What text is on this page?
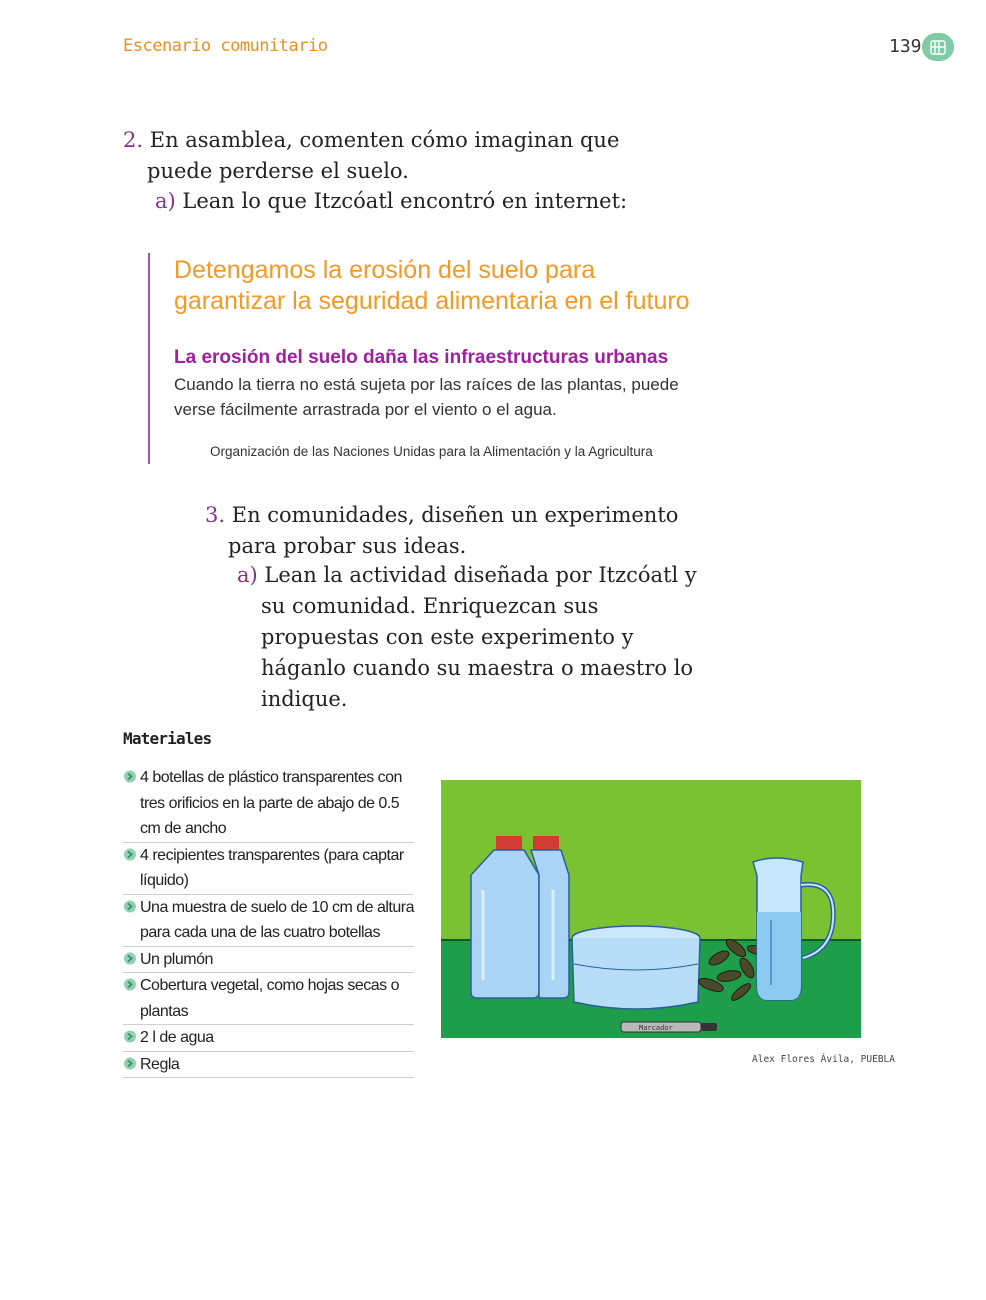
Escenario comunitario	139
2. En asamblea, comenten cómo imaginan que puede perderse el suelo.
a) Lean lo que Itzcóatl encontró en internet:
Detengamos la erosión del suelo para garantizar la seguridad alimentaria en el futuro
La erosión del suelo daña las infraestructuras urbanas
Cuando la tierra no está sujeta por las raíces de las plantas, puede verse fácilmente arrastrada por el viento o el agua.
Organización de las Naciones Unidas para la Alimentación y la Agricultura
3. En comunidades, diseñen un experimento para probar sus ideas.
a) Lean la actividad diseñada por Itzcóatl y su comunidad. Enriquezcan sus propuestas con este experimento y háganlo cuando su maestra o maestro lo indique.
Materiales
4 botellas de plástico transparentes con tres orificios en la parte de abajo de 0.5 cm de ancho
4 recipientes transparentes (para captar líquido)
Una muestra de suelo de 10 cm de altura para cada una de las cuatro botellas
Un plumón
Cobertura vegetal, como hojas secas o plantas
2 l de agua
Regla
Marcador
Alex Flores Ávila, PUEBLA
